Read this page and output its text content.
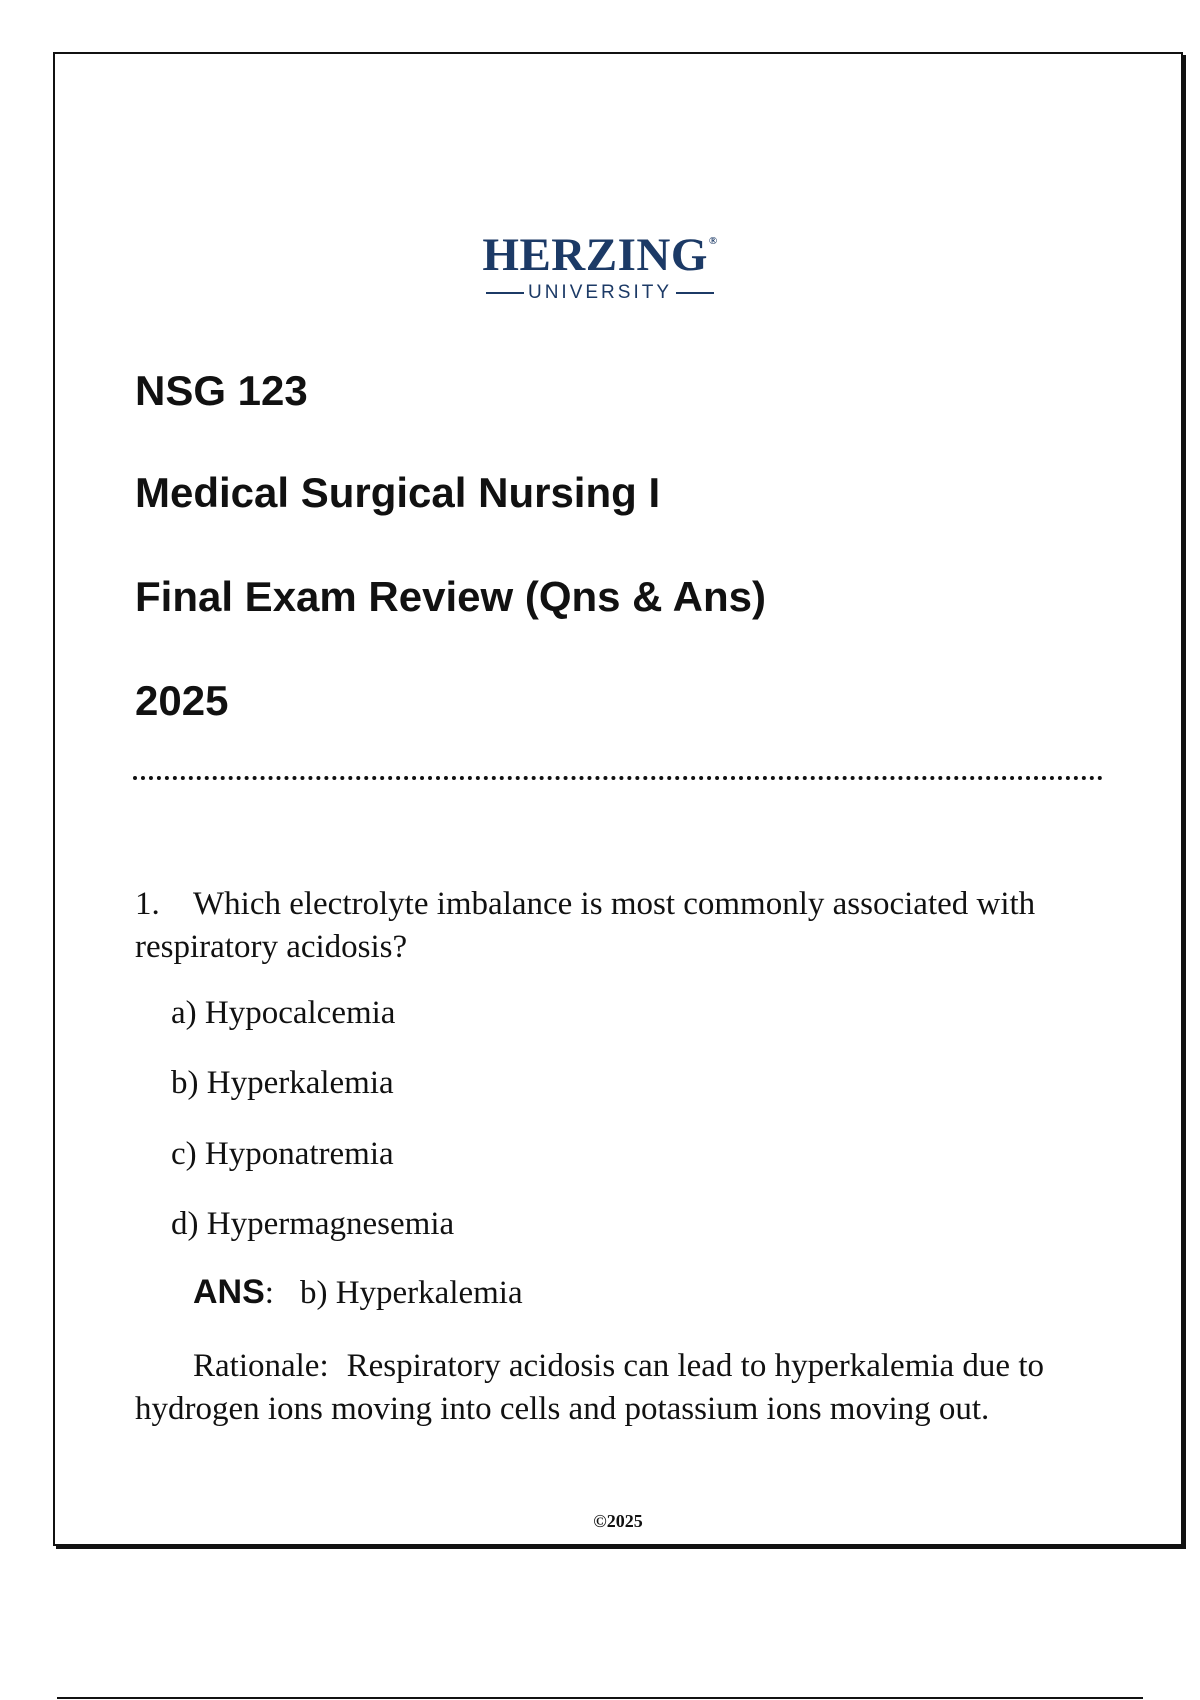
HERZING®
UNIVERSITY
NSG 123
Medical Surgical Nursing I
Final Exam Review (Qns & Ans)
2025

1. Which electrolyte imbalance is most commonly associated with respiratory acidosis?

a) Hypocalcemia

b) Hyperkalemia

c) Hyponatremia

d) Hypermagnesemia

ANS: b) Hyperkalemia

Rationale: Respiratory acidosis can lead to hyperkalemia due to hydrogen ions moving into cells and potassium ions moving out.

©2025
